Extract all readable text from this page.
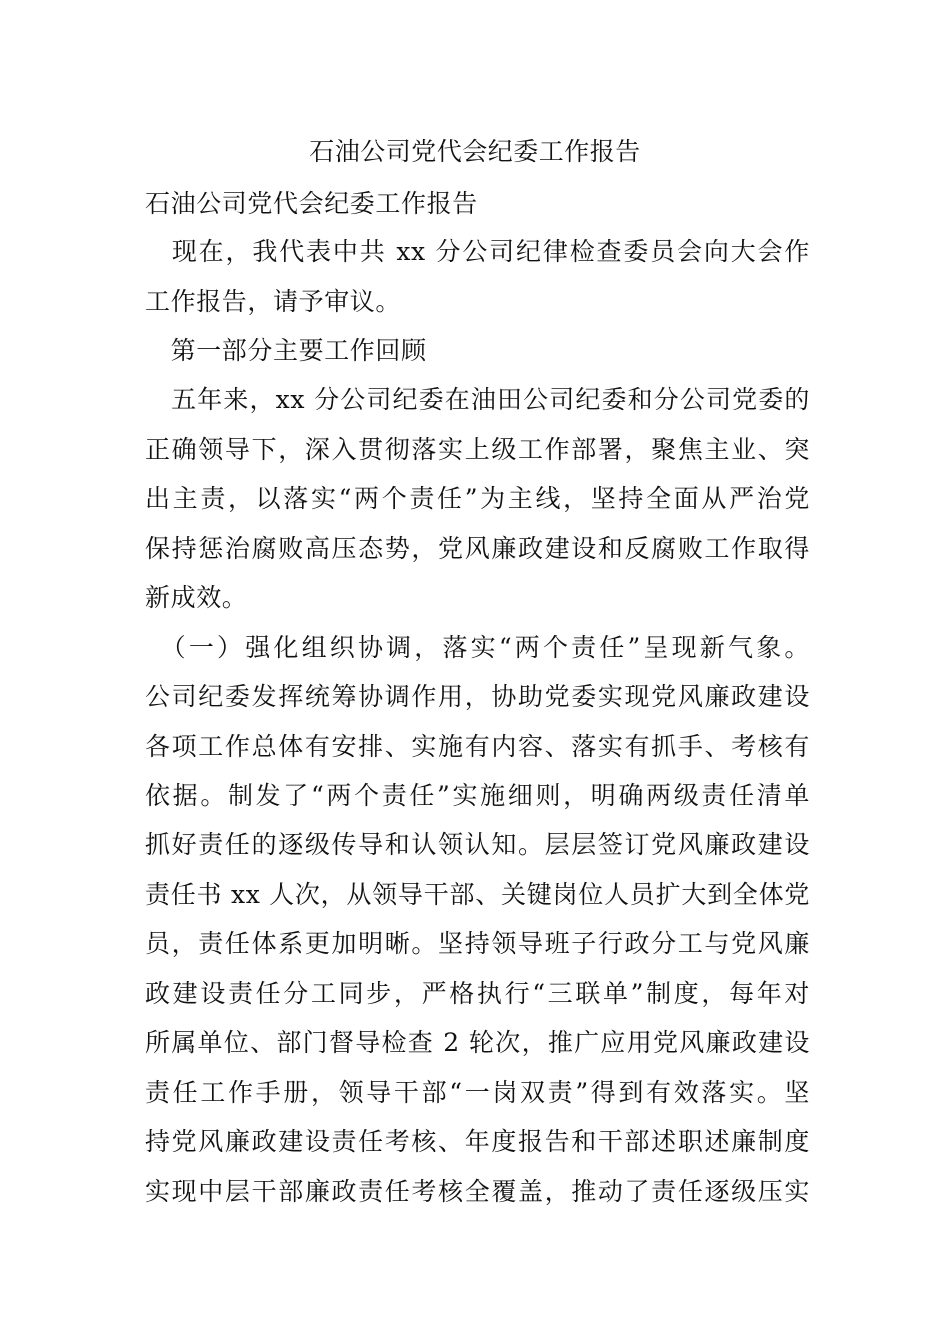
石油公司党代会纪委工作报告
石油公司党代会纪委工作报告
　现在，我代表中共 xx 分公司纪律检查委员会向大会作
工作报告，请予审议。
　第一部分主要工作回顾
　五年来，xx 分公司纪委在油田公司纪委和分公司党委的
正确领导下，深入贯彻落实上级工作部署，聚焦主业、突
出主责，以落实“两个责任”为主线，坚持全面从严治党
保持惩治腐败高压态势，党风廉政建设和反腐败工作取得
新成效。
　（一）强化组织协调，落实“两个责任”呈现新气象。
公司纪委发挥统筹协调作用，协助党委实现党风廉政建设
各项工作总体有安排、实施有内容、落实有抓手、考核有
依据。制发了“两个责任”实施细则，明确两级责任清单
抓好责任的逐级传导和认领认知。层层签订党风廉政建设
责任书 xx 人次，从领导干部、关键岗位人员扩大到全体党
员，责任体系更加明晰。坚持领导班子行政分工与党风廉
政建设责任分工同步，严格执行“三联单”制度，每年对
所属单位、部门督导检查 2 轮次，推广应用党风廉政建设
责任工作手册，领导干部“一岗双责”得到有效落实。坚
持党风廉政建设责任考核、年度报告和干部述职述廉制度
实现中层干部廉政责任考核全覆盖，推动了责任逐级压实
